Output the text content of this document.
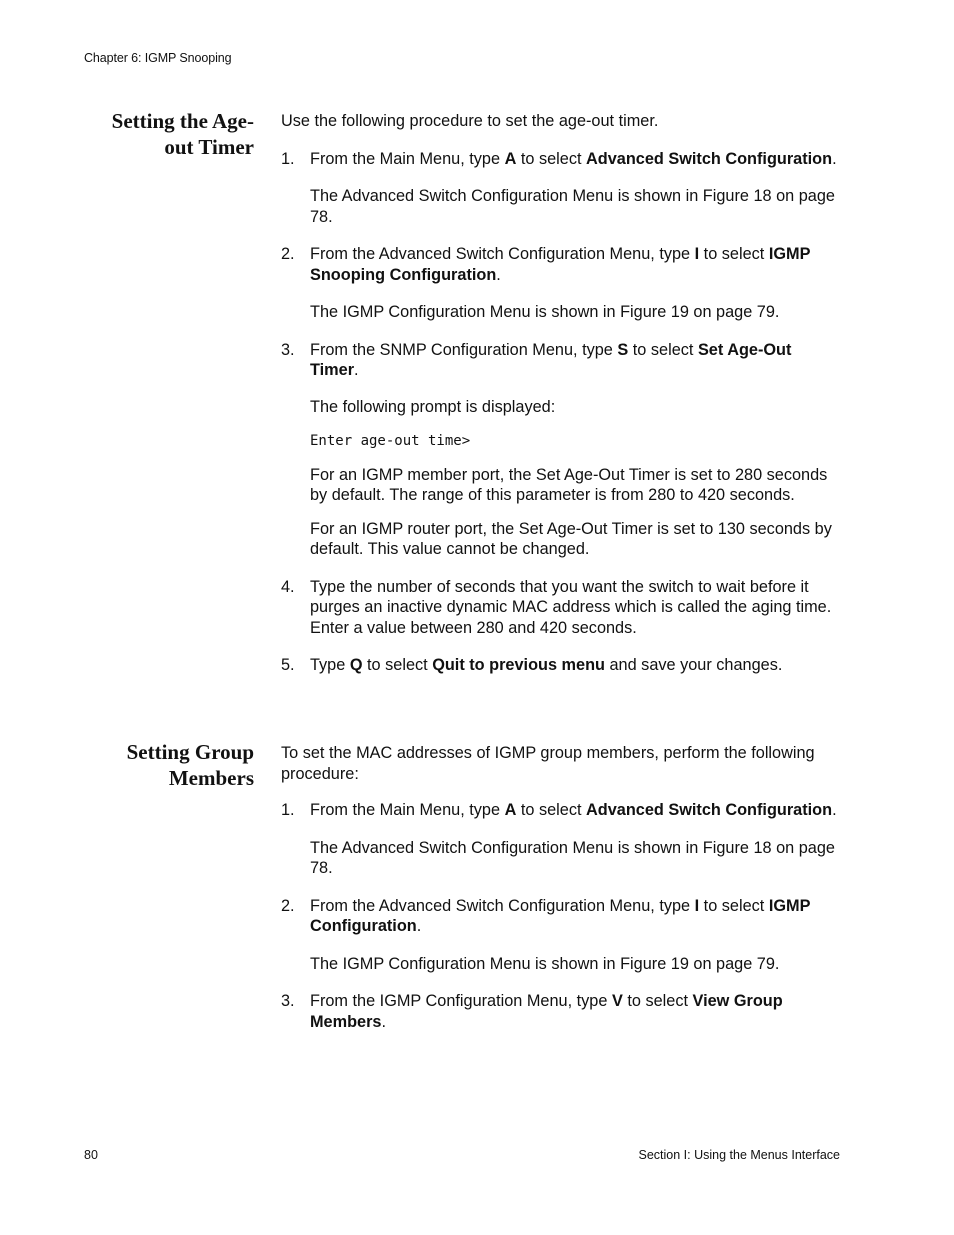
Chapter 6: IGMP Snooping
Setting the Age-
out Timer

Use the following procedure to set the age-out timer.

1. From the Main Menu, type A to select Advanced Switch Configuration.

The Advanced Switch Configuration Menu is shown in Figure 18 on page 78.

2. From the Advanced Switch Configuration Menu, type I to select IGMP Snooping Configuration.

The IGMP Configuration Menu is shown in Figure 19 on page 79.

3. From the SNMP Configuration Menu, type S to select Set Age-Out Timer.

The following prompt is displayed:

Enter age-out time>

For an IGMP member port, the Set Age-Out Timer is set to 280 seconds by default. The range of this parameter is from 280 to 420 seconds.

For an IGMP router port, the Set Age-Out Timer is set to 130 seconds by default. This value cannot be changed.

4. Type the number of seconds that you want the switch to wait before it purges an inactive dynamic MAC address which is called the aging time. Enter a value between 280 and 420 seconds.
5. Type Q to select Quit to previous menu and save your changes.
Setting Group
Members

To set the MAC addresses of IGMP group members, perform the following procedure:

1. From the Main Menu, type A to select Advanced Switch Configuration.

The Advanced Switch Configuration Menu is shown in Figure 18 on page 78.

2. From the Advanced Switch Configuration Menu, type I to select IGMP Configuration.

The IGMP Configuration Menu is shown in Figure 19 on page 79.

3. From the IGMP Configuration Menu, type V to select View Group Members.
80	Section I: Using the Menus Interface
